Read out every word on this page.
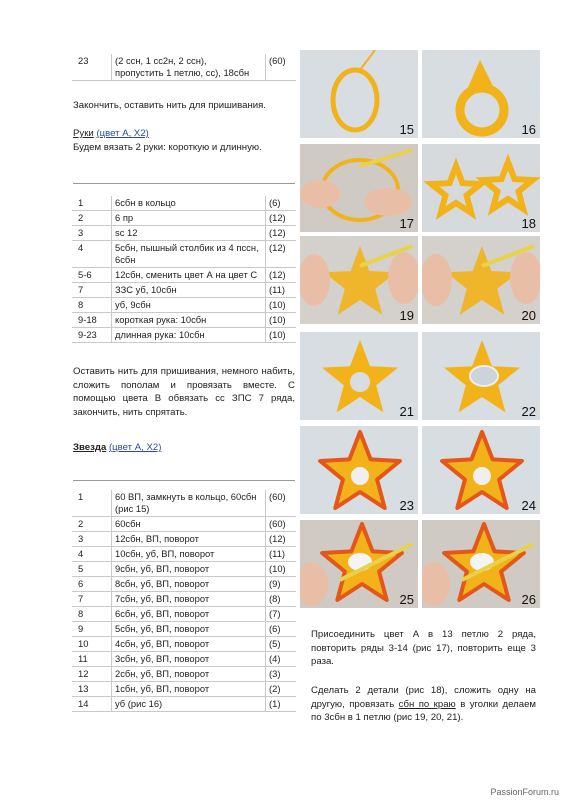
23	(2 ссн, 1 сс2н, 2 ссн),
пропустить 1 петлю, сс), 18сбн	(60)
Закончить, оставить нить для пришивания.
Руки (цвет А, Х2)
Будем вязать 2 руки: короткую и длинную.
1	6сбн в кольцо	(6)
2	6 пр	(12)
3	sc 12	(12)
4	5сбн, пышный столбик из 4 пссн, 6сбн	(12)
5-6	12сбн, сменить цвет А на цвет С	(12)
7	ЗЗС уб, 10сбн	(11)
8	уб, 9сбн	(10)
9-18	короткая рука: 10сбн	(10)
9-23	длинная рука: 10сбн	(10)
Оставить нить для пришивания, немного набить, сложить пополам и провязать вместе. С помощью цвета В обвязать сс ЗПС 7 ряда, закончить, нить спрятать.
Звезда (цвет А, Х2)
1	60 ВП, замкнуть в кольцо, 60сбн (рис 15)	(60)
2	60сбн	(60)
3	12сбн, ВП, поворот	(12)
4	10сбн, уб, ВП, поворот	(11)
5	9сбн, уб, ВП, поворот	(10)
6	8сбн, уб, ВП, поворот	(9)
7	7сбн, уб, ВП, поворот	(8)
8	6сбн, уб, ВП, поворот	(7)
9	5сбн, уб, ВП, поворот	(6)
10	4сбн, уб, ВП, поворот	(5)
11	3сбн, уб, ВП, поворот	(4)
12	2сбн, уб, ВП, поворот	(3)
13	1сбн, уб, ВП, поворот	(2)
14	уб (рис 16)	(1)
15	16
17	18
19	20
21	22
23	24
25	26
Присоединить цвет А в 13 петлю 2 ряда, повторить ряды 3-14 (рис 17), повторить еще 3 раза.
Сделать 2 детали (рис 18), сложить одну на другую, провязать сбн по краю в уголки делаем по 3сбн в 1 петлю (рис 19, 20, 21).
PassionForum.ru
